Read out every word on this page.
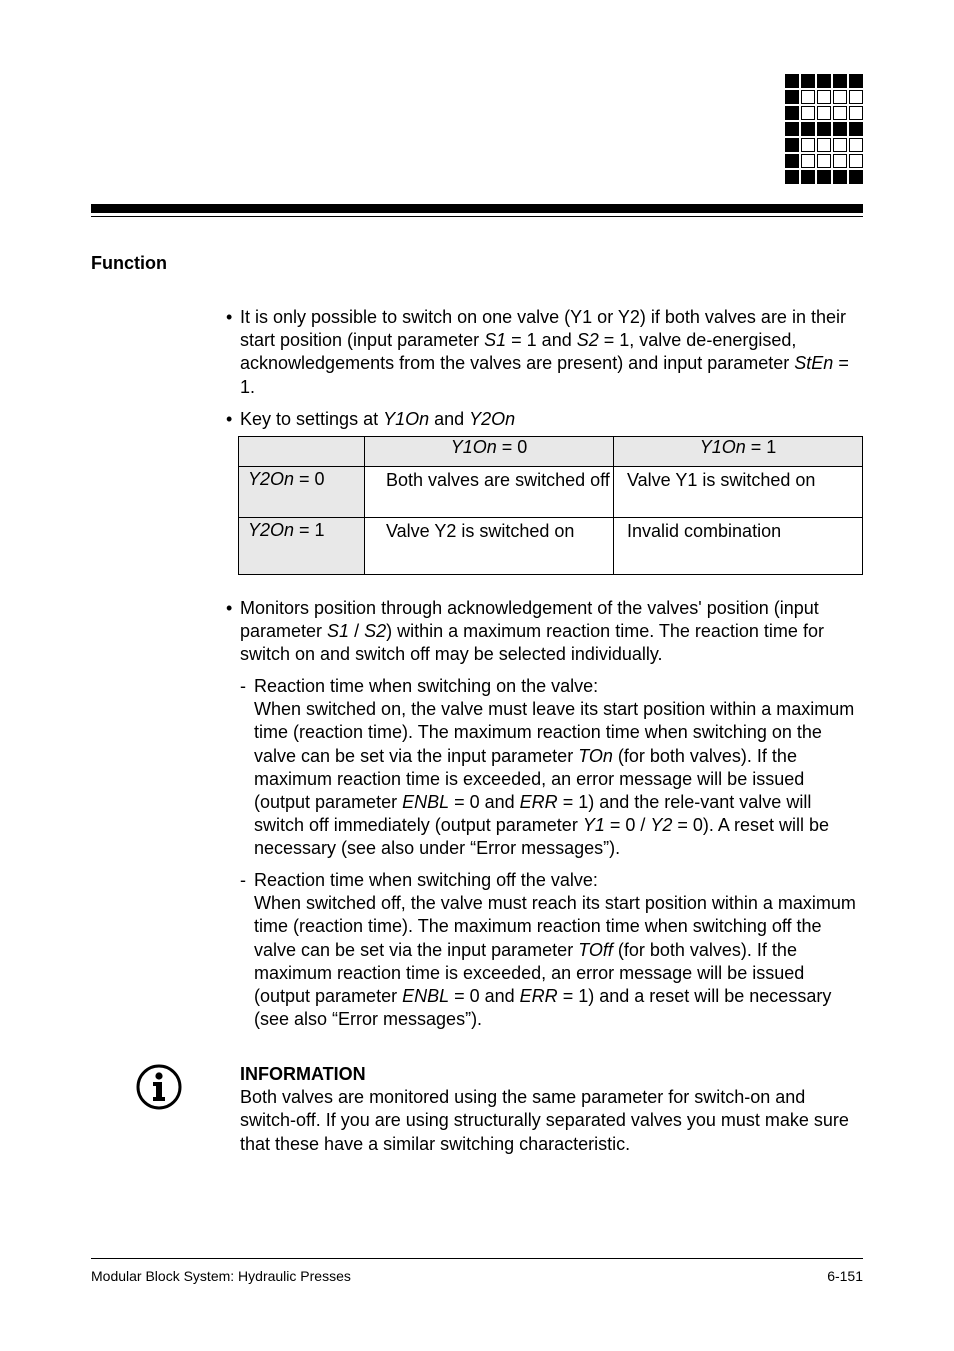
Function
• It is only possible to switch on one valve (Y1 or Y2) if both valves are in their start position (input parameter S1 = 1 and S2 = 1, valve de-energised, acknowledgements from the valves are present) and input parameter StEn = 1.
• Key to settings at Y1On and Y2On
	Y1On = 0	Y1On = 1
Y2On = 0	Both valves are switched off	Valve Y1 is switched on
Y2On = 1	Valve Y2 is switched on	Invalid combination
• Monitors position through acknowledgement of the valves' position (input parameter S1 / S2) within a maximum reaction time. The reaction time for switch on and switch off may be selected individually.
- Reaction time when switching on the valve:
When switched on, the valve must leave its start position within a maximum time (reaction time). The maximum reaction time when switching on the valve can be set via the input parameter TOn (for both valves). If the maximum reaction time is exceeded, an error message will be issued (output parameter ENBL = 0 and ERR = 1) and the rele-vant valve will switch off immediately (output parameter Y1 = 0 / Y2 = 0). A reset will be necessary (see also under “Error messages”).
- Reaction time when switching off the valve:
When switched off, the valve must reach its start position within a maximum time (reaction time). The maximum reaction time when switching off the valve can be set via the input parameter TOff (for both valves). If the maximum reaction time is exceeded, an error message will be issued (output parameter ENBL = 0 and ERR = 1) and a reset will be necessary (see also “Error messages”).
INFORMATION
Both valves are monitored using the same parameter for switch-on and switch-off. If you are using structurally separated valves you must make sure that these have a similar switching characteristic.
Modular Block System: Hydraulic Presses	6-151
